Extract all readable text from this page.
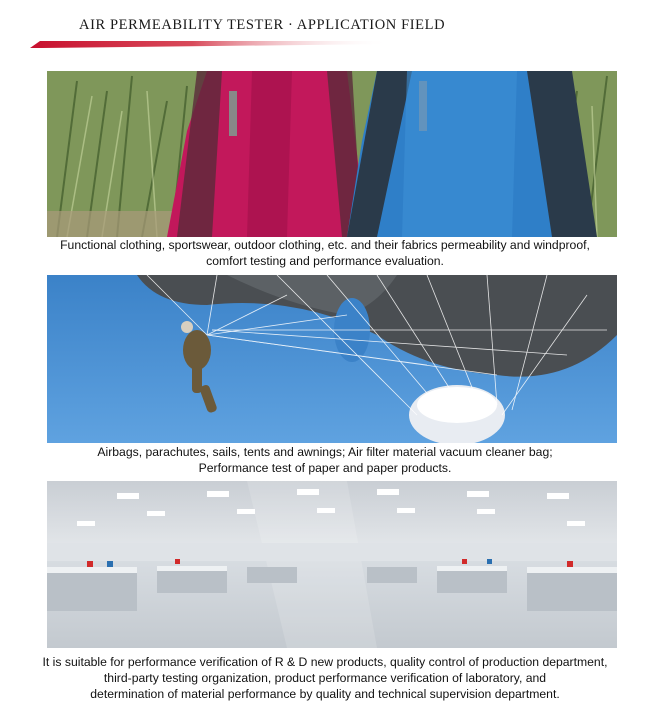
AIR PERMEABILITY TESTER · APPLICATION FIELD
Functional clothing, sportswear, outdoor clothing, etc. and their fabrics permeability and windproof,
comfort testing and performance evaluation.
Airbags, parachutes, sails, tents and awnings; Air filter material vacuum cleaner bag;
Performance test of paper and paper products.
It is suitable for performance verification of R & D new products, quality control of production department,
third-party testing organization, product performance verification of laboratory, and
determination of material performance by quality and technical supervision department.
